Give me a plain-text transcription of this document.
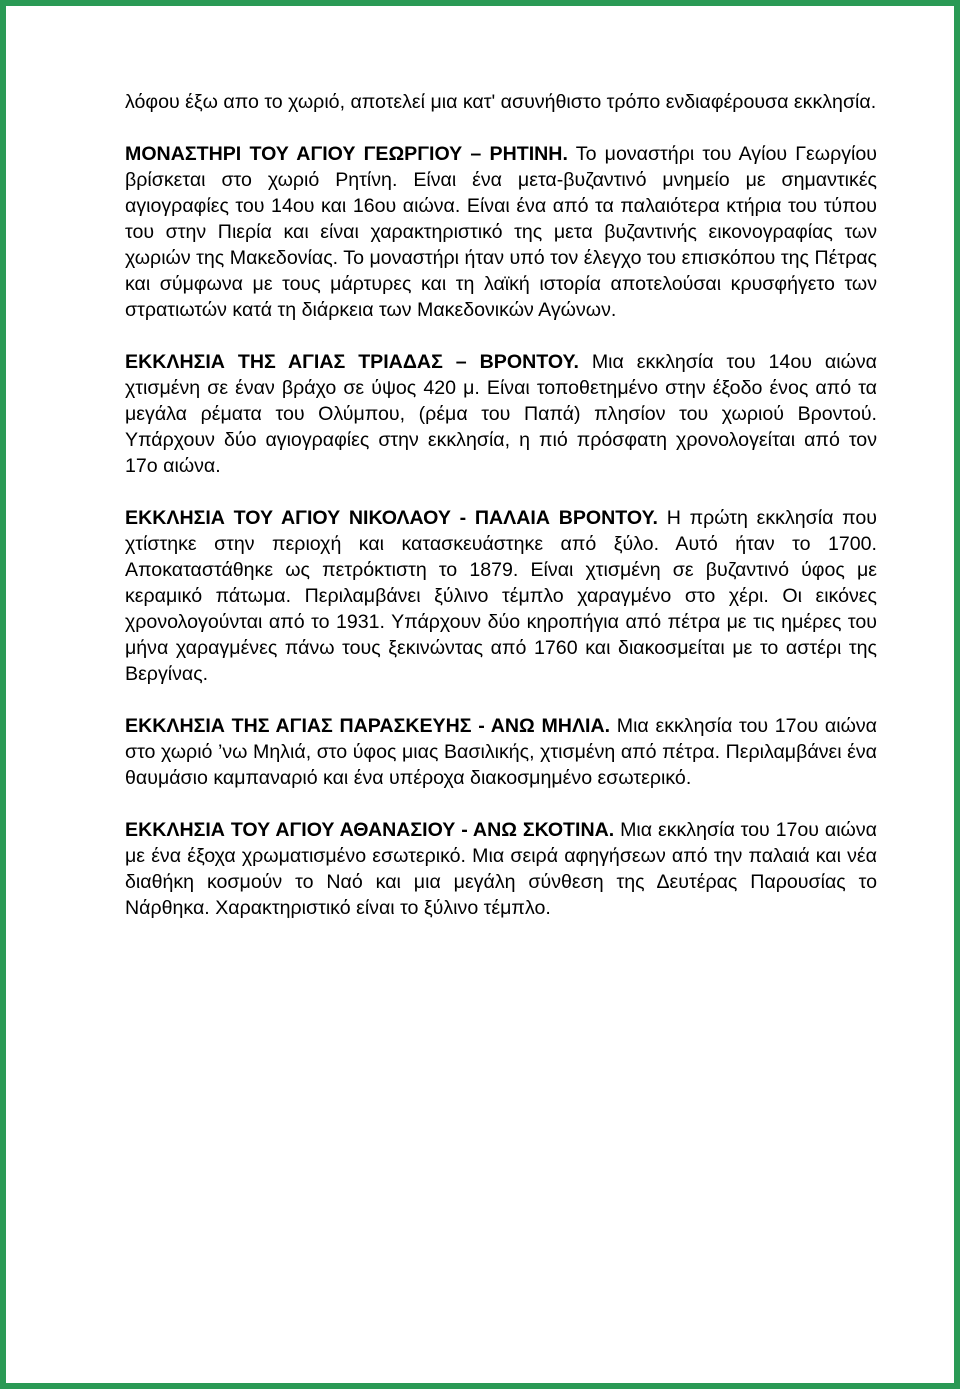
λόφου έξω απο το χωριό, αποτελεί μια κατ' ασυνήθιστο τρόπο ενδιαφέρουσα εκκλησία.

ΜΟΝΑΣΤΗΡΙ ΤΟΥ ΑΓΙΟΥ ΓΕΩΡΓΙΟΥ – ΡΗΤΙΝΗ. Το μοναστήρι του Αγίου Γεωργίου βρίσκεται στο χωριό Ρητίνη. Είναι ένα μετα-βυζαντινό μνημείο με σημαντικές αγιογραφίες του 14ου και 16ου αιώνα. Είναι ένα από τα παλαιότερα κτήρια του τύπου του στην Πιερία και είναι χαρακτηριστικό της μετα βυζαντινής εικονογραφίας των χωριών της Μακεδονίας. Το μοναστήρι ήταν υπό τον έλεγχο του επισκόπου της Πέτρας και σύμφωνα με τους μάρτυρες και τη λαϊκή ιστορία αποτελούσαι κρυσφήγετο των στρατιωτών κατά τη διάρκεια των Μακεδονικών Αγώνων.

ΕΚΚΛΗΣΙΑ ΤΗΣ ΑΓΙΑΣ ΤΡΙΑΔΑΣ – ΒΡΟΝΤΟΥ. Μια εκκλησία του 14ου αιώνα χτισμένη σε έναν βράχο σε ύψος 420 μ. Είναι τοποθετημένο στην έξοδο ένος από τα μεγάλα ρέματα του Ολύμπου, (ρέμα του Παπά) πλησίον του χωριού Βροντού. Υπάρχουν δύο αγιογραφίες στην εκκλησία, η πιό πρόσφατη χρονολογείται από τον 17ο αιώνα.

ΕΚΚΛΗΣΙΑ ΤΟΥ ΑΓΙΟΥ ΝΙΚΟΛΑΟΥ - ΠΑΛΑΙΑ ΒΡΟΝΤΟΥ. Η πρώτη εκκλησία που χτίστηκε στην περιοχή και κατασκευάστηκε από ξύλο. Αυτό ήταν το 1700. Αποκαταστάθηκε ως πετρόκτιστη το 1879. Είναι χτισμένη σε βυζαντινό ύφος με κεραμικό πάτωμα. Περιλαμβάνει ξύλινο τέμπλο χαραγμένο στο χέρι. Οι εικόνες χρονολογούνται από το 1931. Υπάρχουν δύο κηροπήγια από πέτρα με τις ημέρες του μήνα χαραγμένες πάνω τους ξεκινώντας από 1760 και διακοσμείται με το αστέρι της Βεργίνας.

ΕΚΚΛΗΣΙΑ ΤΗΣ ΑΓΙΑΣ ΠΑΡΑΣΚΕΥΗΣ - ΑΝΩ ΜΗΛΙΑ. Μια εκκλησία του 17ου αιώνα στο χωριό ’νω Μηλιά, στο ύφος μιας Βασιλικής, χτισμένη από πέτρα. Περιλαμβάνει ένα θαυμάσιο καμπαναριό και ένα υπέροχα διακοσμημένο εσωτερικό.

ΕΚΚΛΗΣΙΑ ΤΟΥ ΑΓΙΟΥ ΑΘΑΝΑΣΙΟΥ - ΑΝΩ ΣΚΟΤΙΝΑ. Μια εκκλησία του 17ου αιώνα με ένα έξοχα χρωματισμένο εσωτερικό. Μια σειρά αφηγήσεων από την παλαιά και νέα διαθήκη κοσμούν το Ναό και μια μεγάλη σύνθεση της Δευτέρας Παρουσίας το Νάρθηκα. Χαρακτηριστικό είναι το ξύλινο τέμπλο.
